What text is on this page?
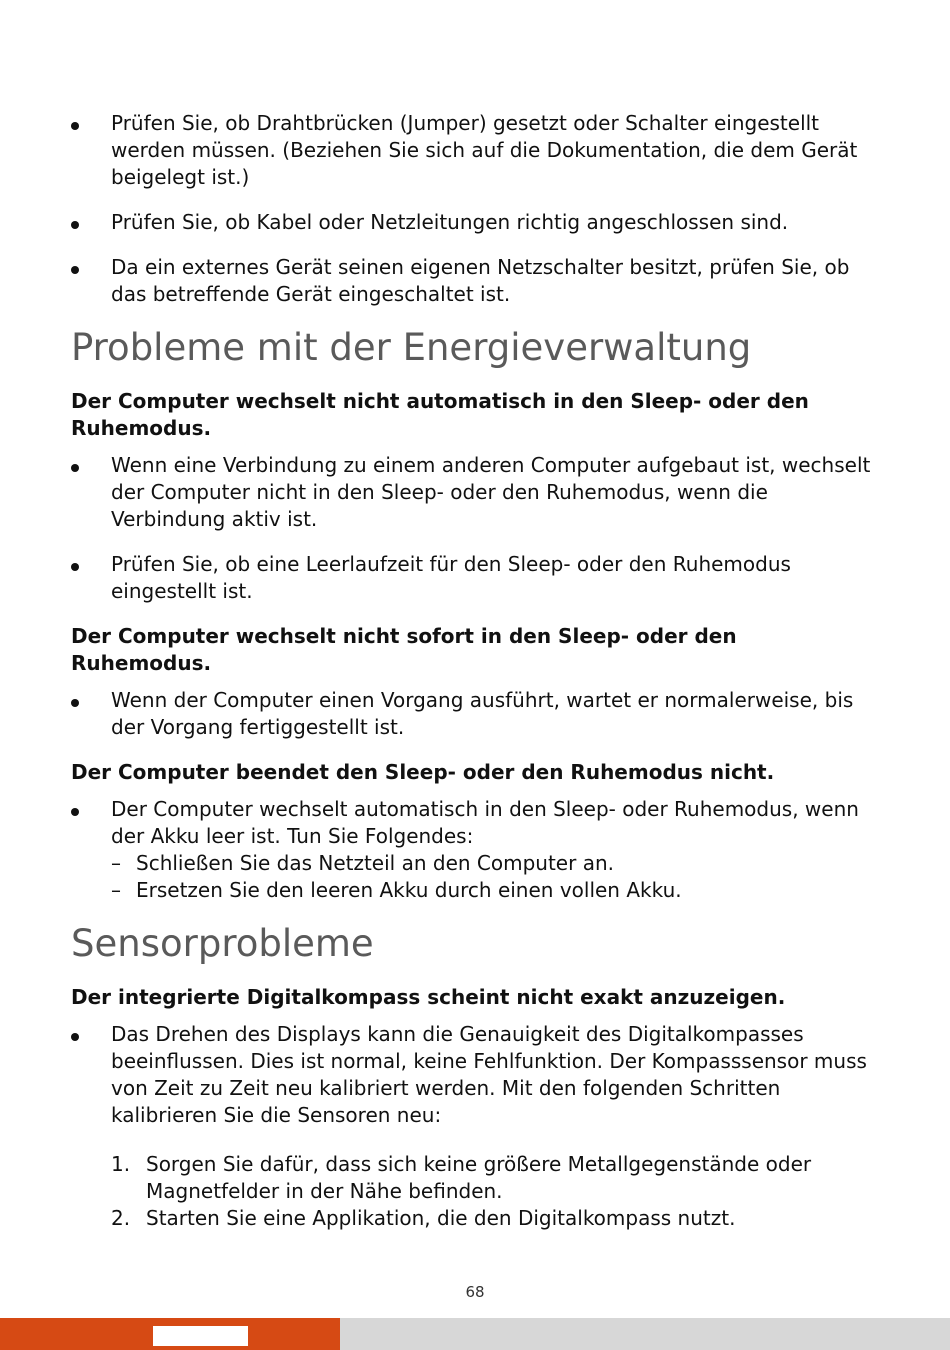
Prüfen Sie, ob Drahtbrücken (Jumper) gesetzt oder Schalter eingestellt werden müssen. (Beziehen Sie sich auf die Dokumentation, die dem Gerät beigelegt ist.)
Prüfen Sie, ob Kabel oder Netzleitungen richtig angeschlossen sind.
Da ein externes Gerät seinen eigenen Netzschalter besitzt, prüfen Sie, ob das betreffende Gerät eingeschaltet ist.
Probleme mit der Energieverwaltung
Der Computer wechselt nicht automatisch in den Sleep- oder den Ruhemodus.
Wenn eine Verbindung zu einem anderen Computer aufgebaut ist, wechselt der Computer nicht in den Sleep- oder den Ruhemodus, wenn die Verbindung aktiv ist.
Prüfen Sie, ob eine Leerlaufzeit für den Sleep- oder den Ruhemodus eingestellt ist.
Der Computer wechselt nicht sofort in den Sleep- oder den Ruhemodus.
Wenn der Computer einen Vorgang ausführt, wartet er normalerweise, bis der Vorgang fertiggestellt ist.
Der Computer beendet den Sleep- oder den Ruhemodus nicht.
Der Computer wechselt automatisch in den Sleep- oder Ruhemodus, wenn der Akku leer ist. Tun Sie Folgendes:
– Schließen Sie das Netzteil an den Computer an.
– Ersetzen Sie den leeren Akku durch einen vollen Akku.
Sensorprobleme
Der integrierte Digitalkompass scheint nicht exakt anzuzeigen.
Das Drehen des Displays kann die Genauigkeit des Digitalkompasses beeinflussen. Dies ist normal, keine Fehlfunktion. Der Kompasssensor muss von Zeit zu Zeit neu kalibriert werden. Mit den folgenden Schritten kalibrieren Sie die Sensoren neu:
1. Sorgen Sie dafür, dass sich keine größere Metallgegenstände oder Magnetfelder in der Nähe befinden.
2. Starten Sie eine Applikation, die den Digitalkompass nutzt.
68
